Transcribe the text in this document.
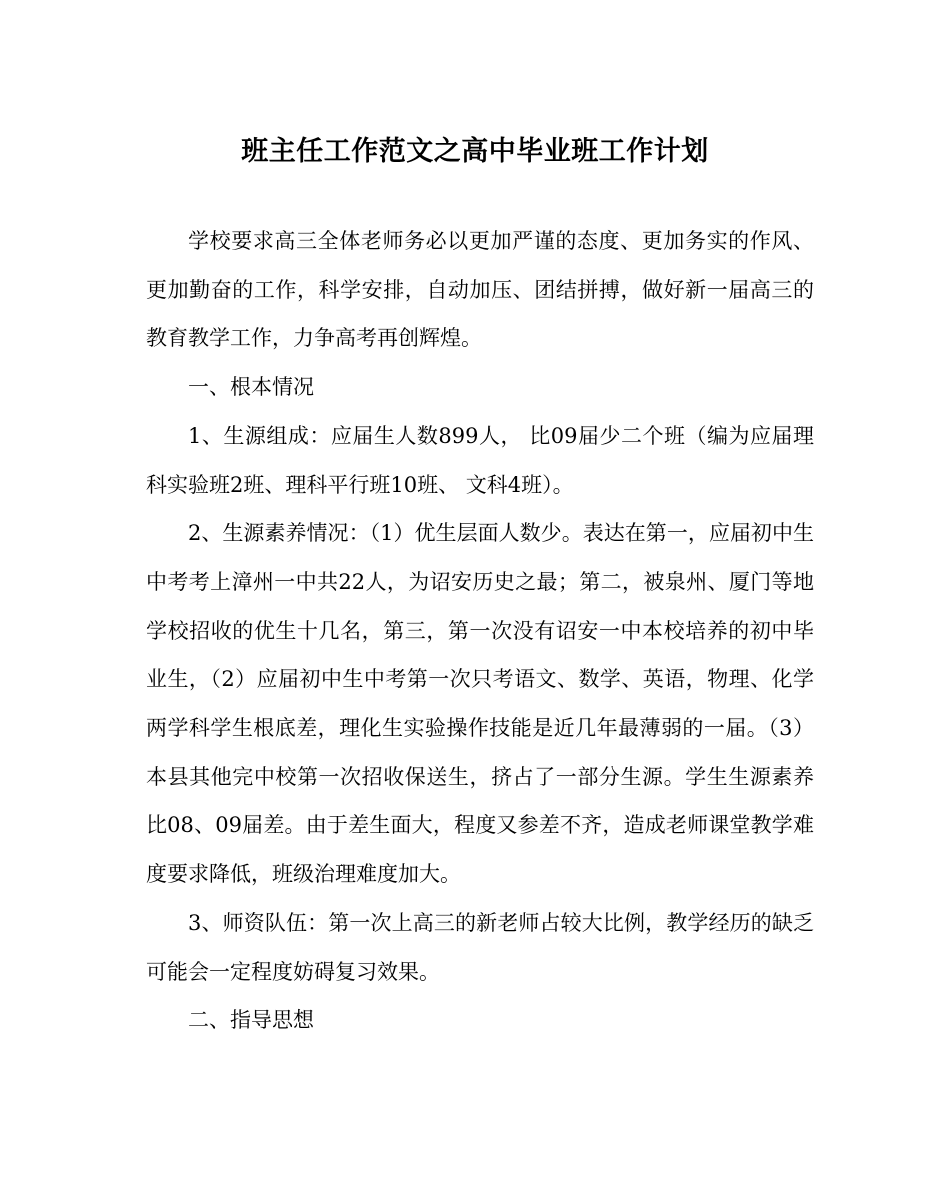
班主任工作范文之高中毕业班工作计划

学校要求高三全体老师务必以更加严谨的态度、更加务实的作风、更加勤奋的工作，科学安排，自动加压、团结拼搏，做好新一届高三的教育教学工作，力争高考再创辉煌。

一、根本情况

1、生源组成：应届生人数899人， 比09届少二个班（编为应届理科实验班2班、理科平行班10班、 文科4班）。

2、生源素养情况：（1）优生层面人数少。表达在第一，应届初中生中考考上漳州一中共22人，为诏安历史之最；第二，被泉州、厦门等地学校招收的优生十几名，第三，第一次没有诏安一中本校培养的初中毕业生，（2）应届初中生中考第一次只考语文、数学、英语，物理、化学两学科学生根底差，理化生实验操作技能是近几年最薄弱的一届。（3）本县其他完中校第一次招收保送生，挤占了一部分生源。学生生源素养比08、09届差。由于差生面大，程度又参差不齐，造成老师课堂教学难度要求降低，班级治理难度加大。

3、师资队伍：第一次上高三的新老师占较大比例，教学经历的缺乏可能会一定程度妨碍复习效果。

二、指导思想
